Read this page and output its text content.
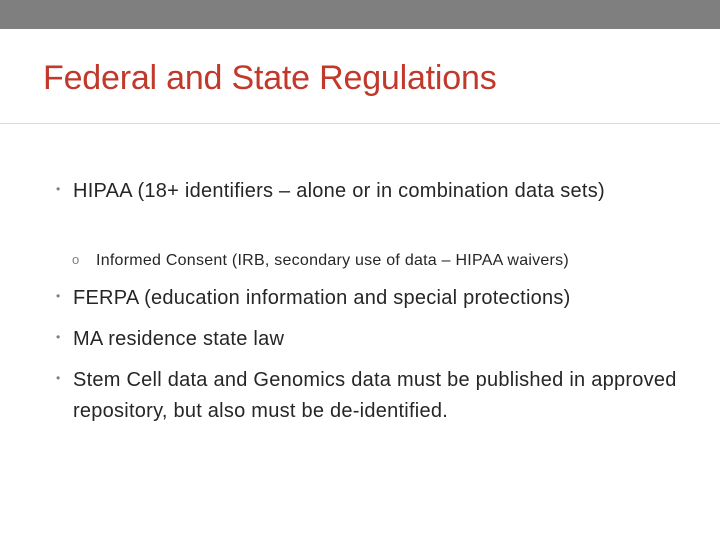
Federal and State Regulations
• HIPAA (18+ identifiers – alone or in combination data sets)
o Informed Consent (IRB, secondary use of data – HIPAA waivers)
• FERPA (education information and special protections)
• MA residence state law
• Stem Cell data and Genomics data must be published in approved repository, but also must be de-identified.
